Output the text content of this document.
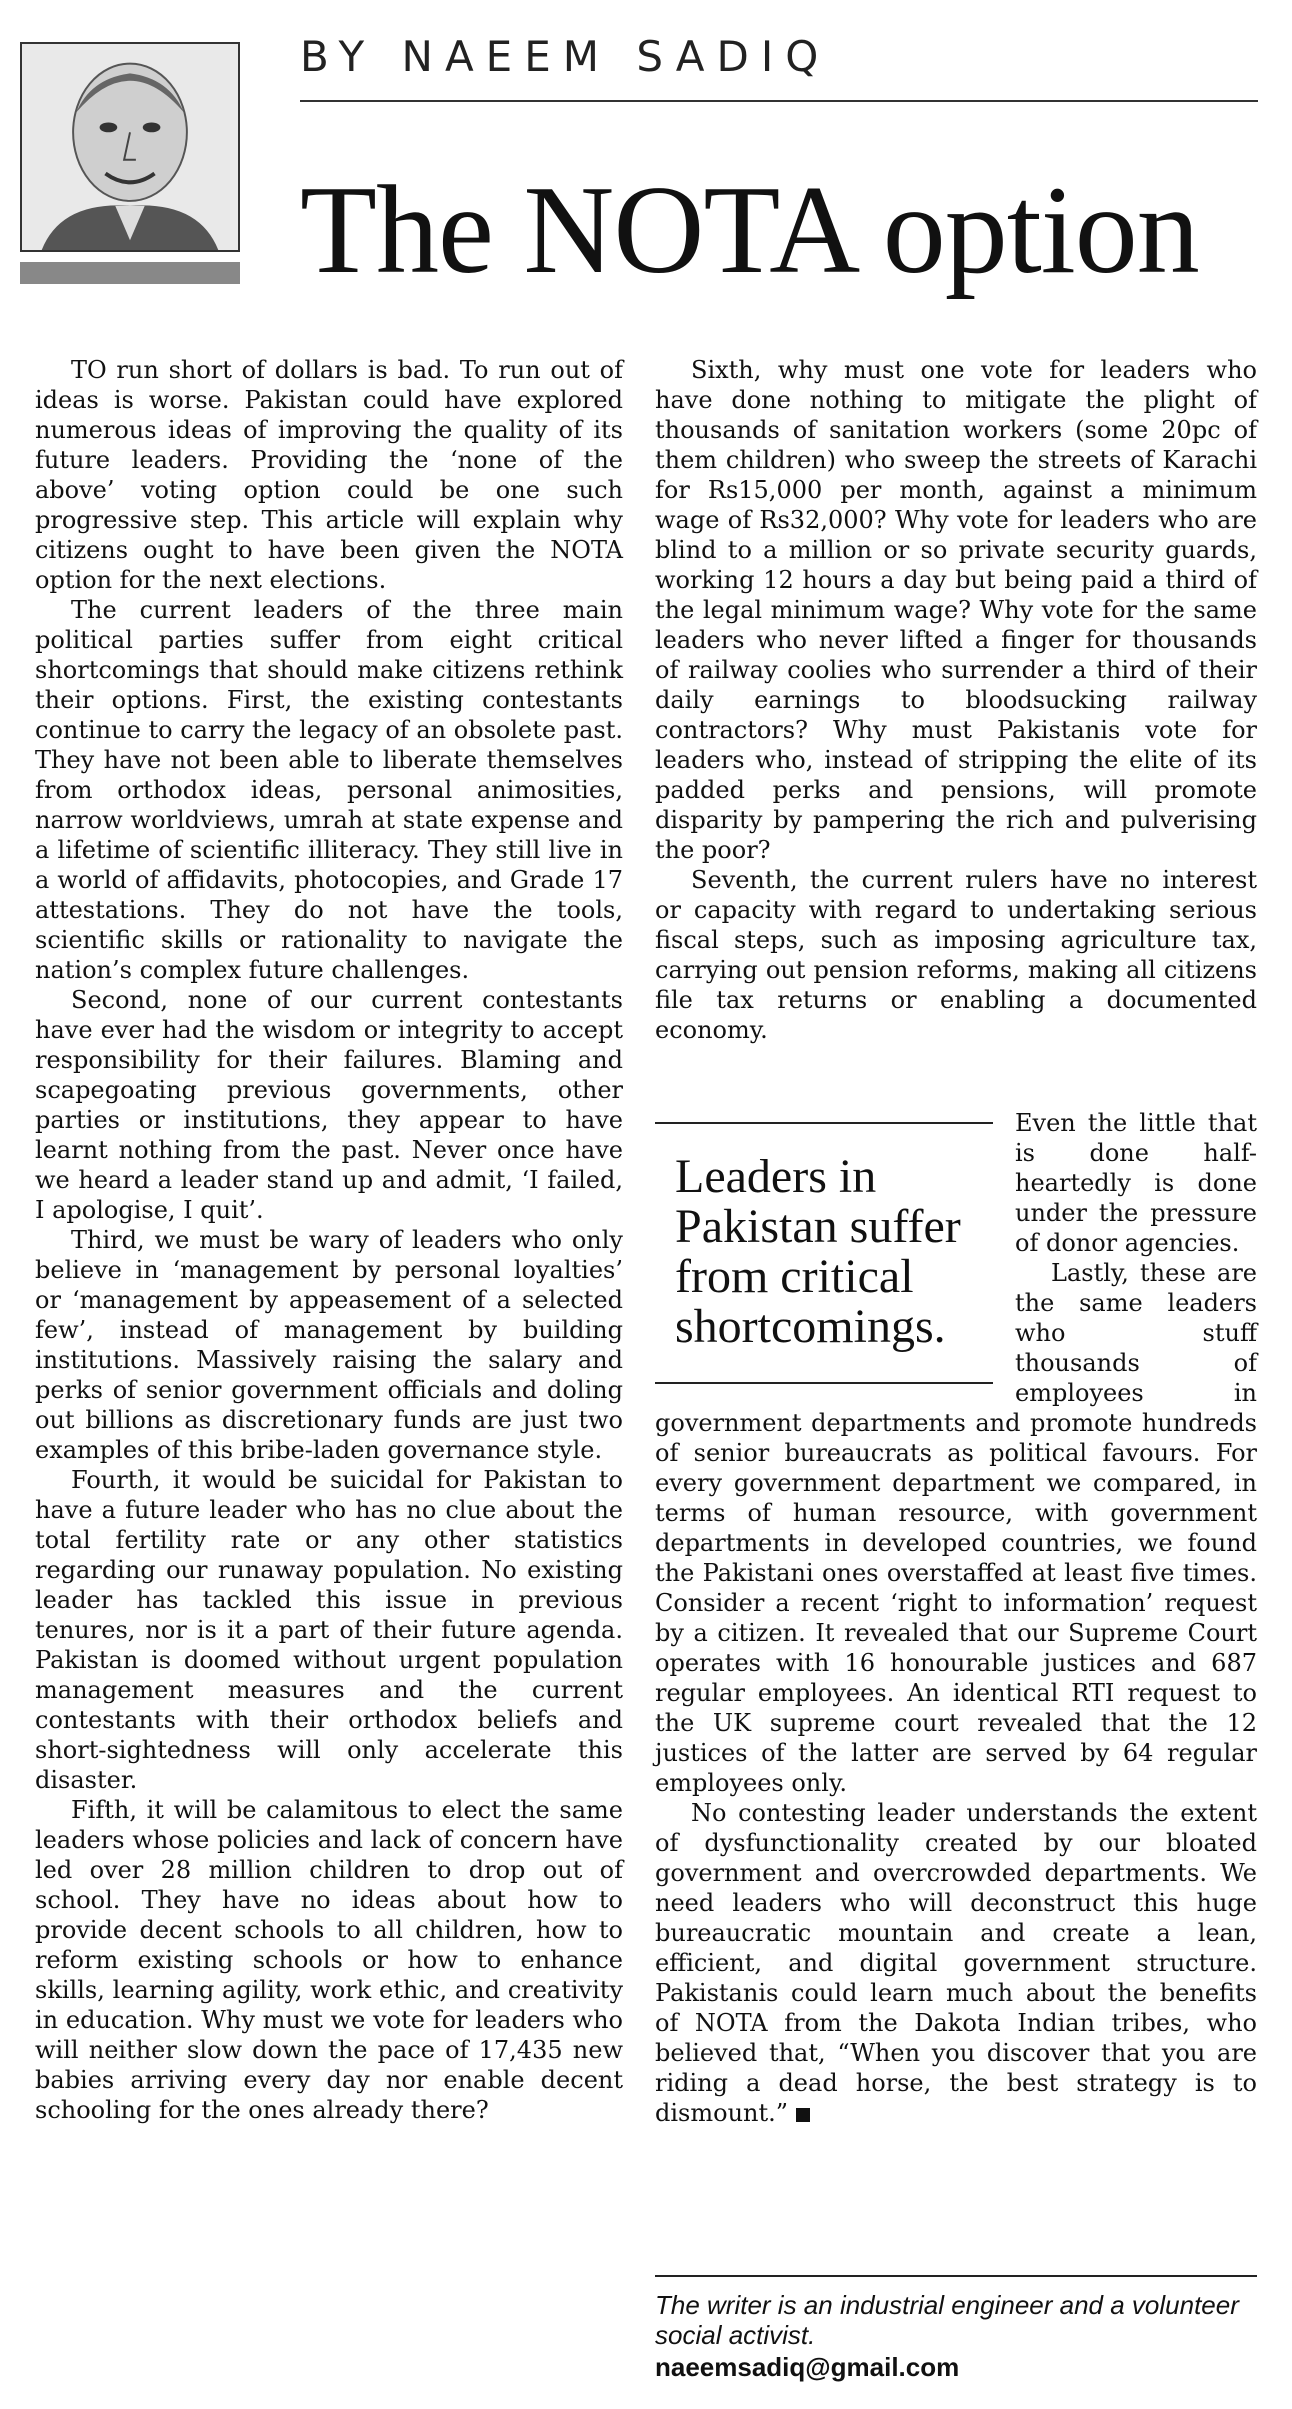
BY NAEEM SADIQ
The NOTA option

TO run short of dollars is bad. To run out of ideas is worse. Pakistan could have explored numerous ideas of improving the quality of its future leaders. Providing the ‘none of the above’ voting option could be one such progressive step. This article will explain why citizens ought to have been given the NOTA option for the next elections.

The current leaders of the three main political parties suffer from eight critical shortcomings that should make citizens rethink their options. First, the existing contestants continue to carry the legacy of an obsolete past. They have not been able to liberate themselves from orthodox ideas, personal animosities, narrow worldviews, umrah at state expense and a lifetime of scientific illiteracy. They still live in a world of affidavits, photocopies, and Grade 17 attestations. They do not have the tools, scientific skills or rationality to navigate the nation’s complex future challenges.

Second, none of our current contestants have ever had the wisdom or integrity to accept responsibility for their failures. Blaming and scapegoating previous governments, other parties or institutions, they appear to have learnt nothing from the past. Never once have we heard a leader stand up and admit, ‘I failed, I apologise, I quit’.

Third, we must be wary of leaders who only believe in ‘management by personal loyalties’ or ‘management by appeasement of a selected few’, instead of management by building institutions. Massively raising the salary and perks of senior government officials and doling out billions as discretionary funds are just two examples of this bribe-laden governance style.

Fourth, it would be suicidal for Pakistan to have a future leader who has no clue about the total fertility rate or any other statistics regarding our runaway population. No existing leader has tackled this issue in previous tenures, nor is it a part of their future agenda. Pakistan is doomed without urgent population management measures and the current contestants with their orthodox beliefs and short-sightedness will only accelerate this disaster.

Fifth, it will be calamitous to elect the same leaders whose policies and lack of concern have led over 28 million children to drop out of school. They have no ideas about how to provide decent schools to all children, how to reform existing schools or how to enhance skills, learning agility, work ethic, and creativity in education. Why must we vote for leaders who will neither slow down the pace of 17,435 new babies arriving every day nor enable decent schooling for the ones already there?

Sixth, why must one vote for leaders who have done nothing to mitigate the plight of thousands of sanitation workers (some 20pc of them children) who sweep the streets of Karachi for Rs15,000 per month, against a minimum wage of Rs32,000? Why vote for leaders who are blind to a million or so private security guards, working 12 hours a day but being paid a third of the legal minimum wage? Why vote for the same leaders who never lifted a finger for thousands of railway coolies who surrender a third of their daily earnings to bloodsucking railway contractors? Why must Pakistanis vote for leaders who, instead of stripping the elite of its padded perks and pensions, will promote disparity by pampering the rich and pulverising the poor?

Seventh, the current rulers have no interest or capacity with regard to undertaking serious fiscal steps, such as imposing agriculture tax, carrying out pension reforms, making all citizens file tax returns or enabling a documented economy.

Leaders in Pakistan suffer from critical shortcomings.

Even the little that is done half-heartedly is done under the pressure of donor agencies.

Lastly, these are the same leaders who stuff thousands of employees in government departments and promote hundreds of senior bureaucrats as political favours. For every government department we compared, in terms of human resource, with government departments in developed countries, we found the Pakistani ones overstaffed at least five times. Consider a recent ‘right to information’ request by a citizen. It revealed that our Supreme Court operates with 16 honourable justices and 687 regular employees. An identical RTI request to the UK supreme court revealed that the 12 justices of the latter are served by 64 regular employees only.

No contesting leader understands the extent of dysfunctionality created by our bloated government and overcrowded departments. We need leaders who will deconstruct this huge bureaucratic mountain and create a lean, efficient, and digital government structure. Pakistanis could learn much about the benefits of NOTA from the Dakota Indian tribes, who believed that, “When you discover that you are riding a dead horse, the best strategy is to dismount.”

The writer is an industrial engineer and a volunteer social activist.
naeemsadiq@gmail.com
